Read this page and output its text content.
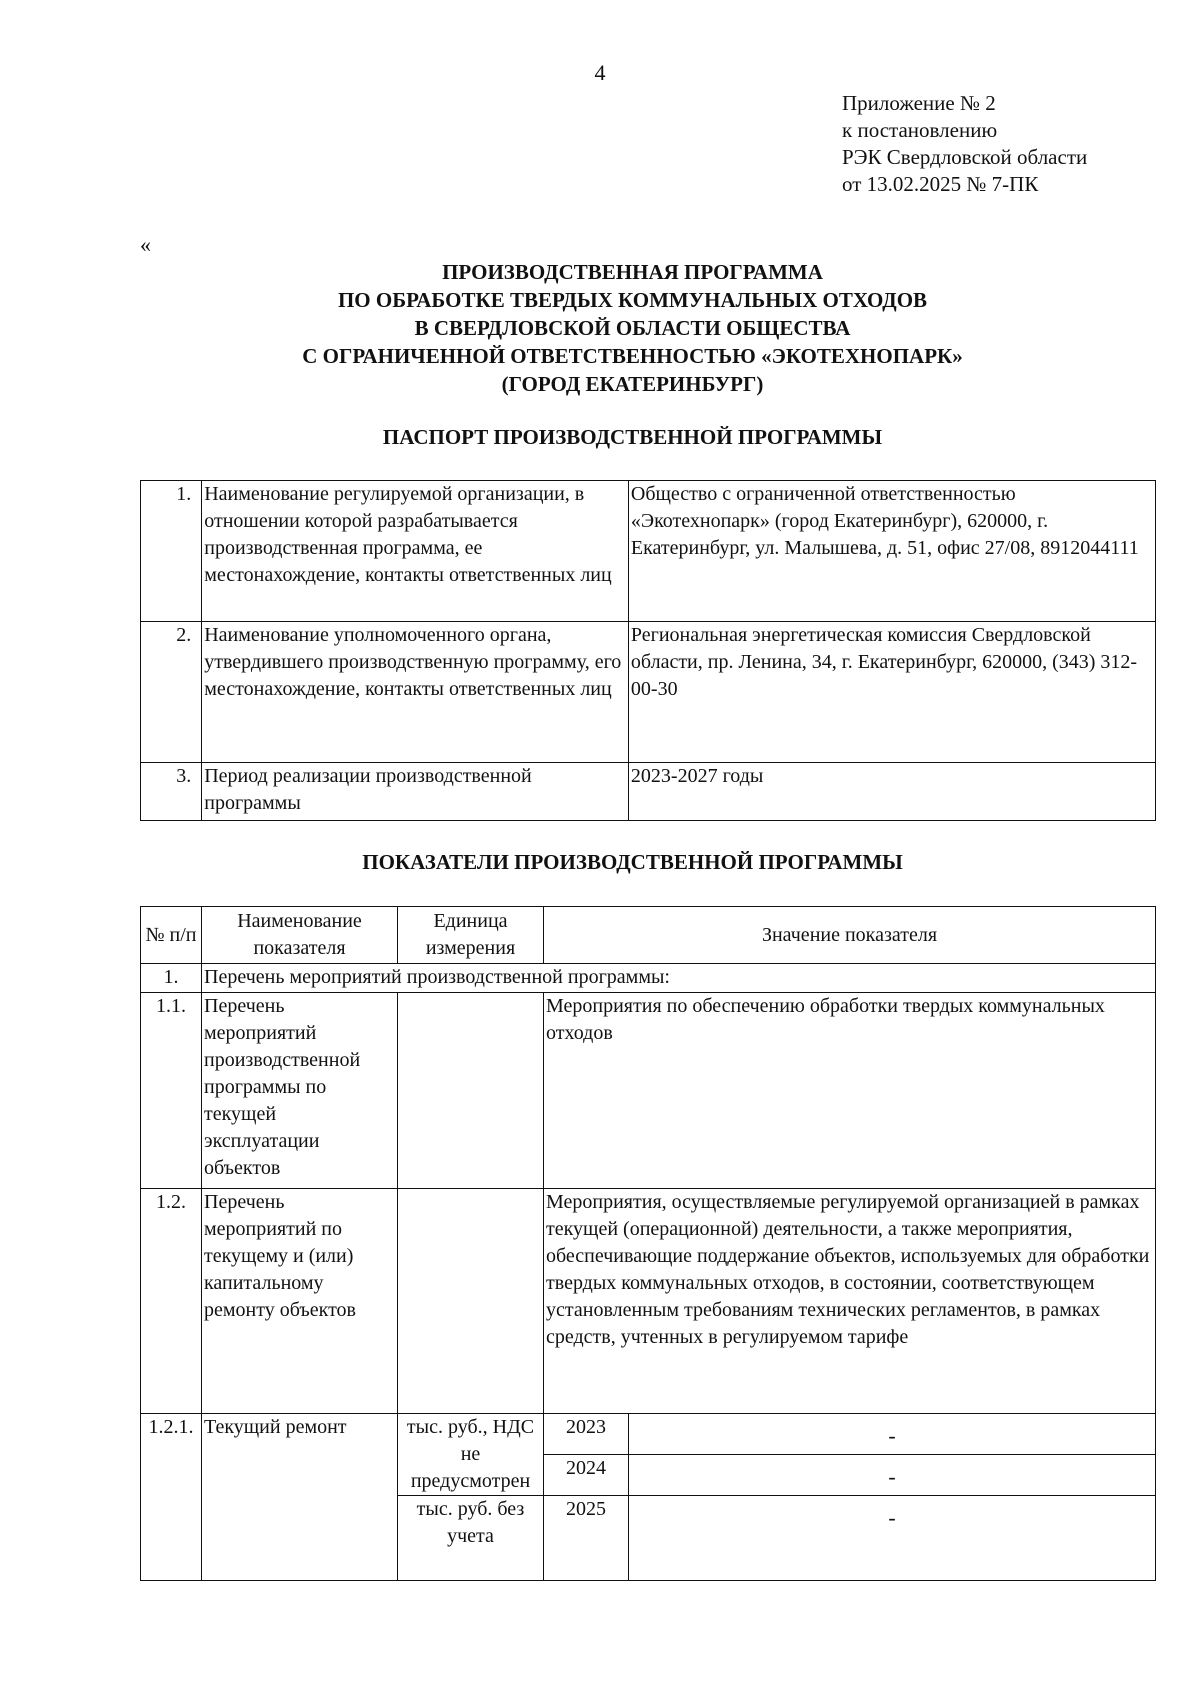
4
Приложение № 2
к постановлению
РЭК Свердловской области
от 13.02.2025 № 7-ПК
«
ПРОИЗВОДСТВЕННАЯ ПРОГРАММА
ПО ОБРАБОТКЕ ТВЕРДЫХ КОММУНАЛЬНЫХ ОТХОДОВ
В СВЕРДЛОВСКОЙ ОБЛАСТИ ОБЩЕСТВА
С ОГРАНИЧЕННОЙ ОТВЕТСТВЕННОСТЬЮ «ЭКОТЕХНОПАРК»
(ГОРОД ЕКАТЕРИНБУРГ)
ПАСПОРТ ПРОИЗВОДСТВЕННОЙ ПРОГРАММЫ
1.	Наименование регулируемой организации, в отношении которой разрабатывается производственная программа, ее местонахождение, контакты ответственных лиц	Общество с ограниченной ответственностью «Экотехнопарк» (город Екатеринбург), 620000, г. Екатеринбург, ул. Малышева, д. 51, офис 27/08, 8912044111
2.	Наименование уполномоченного органа, утвердившего производственную программу, его местонахождение, контакты ответственных лиц	Региональная энергетическая комиссия Свердловской области, пр. Ленина, 34, г. Екатеринбург, 620000, (343) 312-00-30
3.	Период реализации производственной программы	2023-2027 годы
ПОКАЗАТЕЛИ ПРОИЗВОДСТВЕННОЙ ПРОГРАММЫ
№ п/п	Наименование показателя	Единица измерения	Значение показателя	
1.	Перечень мероприятий производственной программы:			
1.1.	Перечень мероприятий производственной программы по текущей эксплуатации объектов		Мероприятия по обеспечению обработки твердых коммунальных отходов	
1.2.	Перечень мероприятий по текущему и (или) капитальному ремонту объектов		Мероприятия, осуществляемые регулируемой организацией в рамках текущей (операционной) деятельности, а также мероприятия, обеспечивающие поддержание объектов, используемых для обработки твердых коммунальных отходов, в состоянии, соответствующем установленным требованиям технических регламентов, в рамках средств, учтенных в регулируемом тарифе	
1.2.1.	Текущий ремонт	тыс. руб., НДС не предусмотрен	2023	-
			2024	-
		тыс. руб. без учета	2025	-
